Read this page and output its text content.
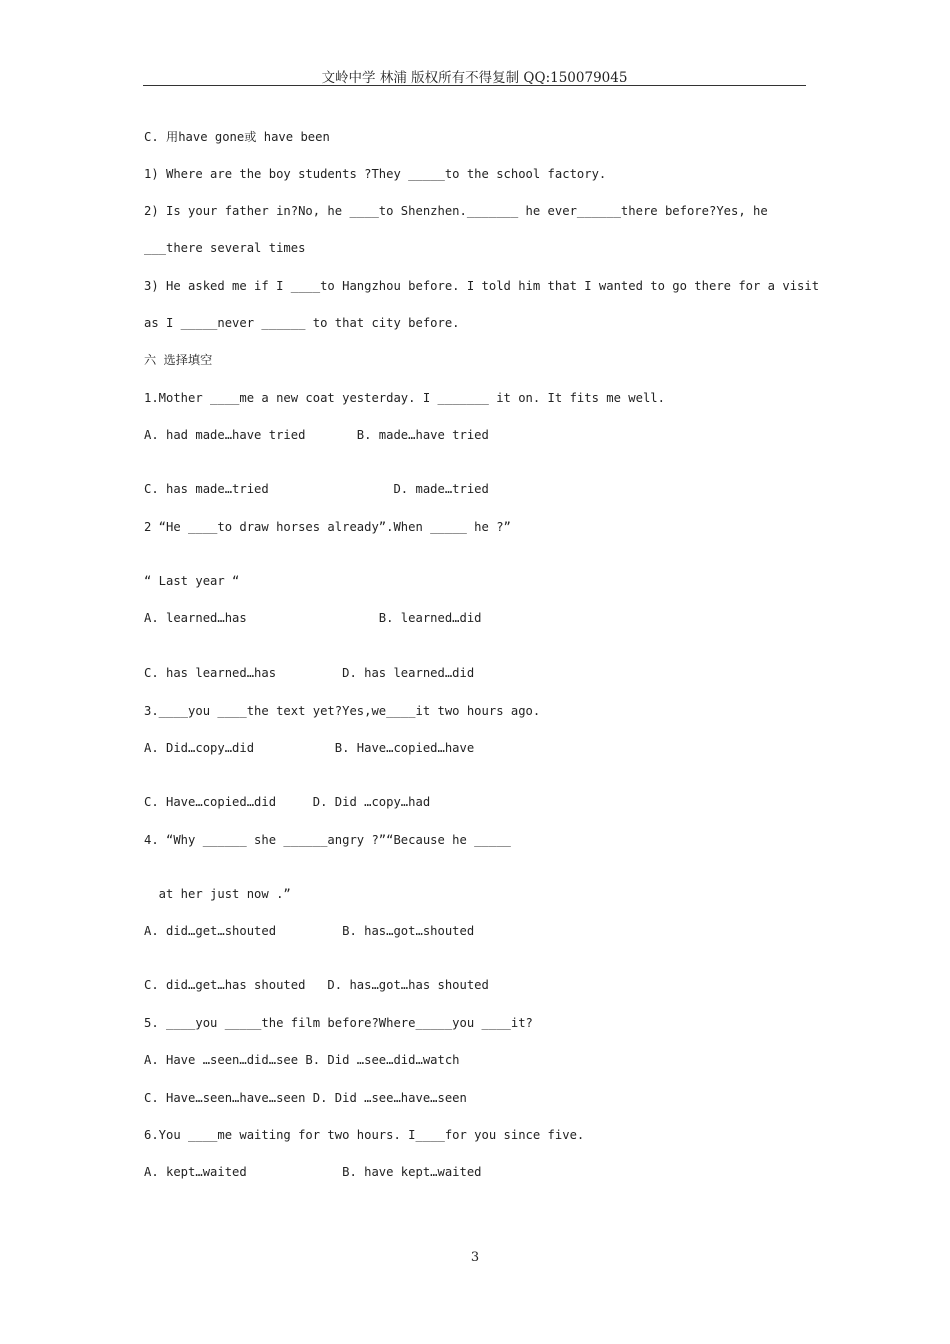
文岭中学 林浦 版权所有不得复制 QQ:150079045
C. 用have gone或 have been
1) Where are the boy students ?They _____to the school factory.
2) Is your father in?No, he ____to Shenzhen._______ he ever______there before?Yes, he
___there several times
3) He asked me if I ____to Hangzhou before. I told him that I wanted to go there for a visit
as I _____never ______ to that city before.
六 选择填空
1.Mother ____me a new coat yesterday. I _______ it on. It fits me well.
A. had made…have tried       B. made…have tried
C. has made…tried                 D. made…tried
2 “He ____to draw horses already”.When _____ he ?”
“ Last year “
A. learned…has                  B. learned…did
C. has learned…has         D. has learned…did
3.____you ____the text yet?Yes,we____it two hours ago.
A. Did…copy…did           B. Have…copied…have
C. Have…copied…did     D. Did …copy…had
4. “Why ______ she ______angry ?”“Because he _____
at her just now .”
A. did…get…shouted         B. has…got…shouted
C. did…get…has shouted   D. has…got…has shouted
5. ____you _____the film before?Where_____you ____it?
A. Have …seen…did…see B. Did …see…did…watch
C. Have…seen…have…seen D. Did …see…have…seen
6.You ____me waiting for two hours. I____for you since five.
A. kept…waited             B. have kept…waited
3
